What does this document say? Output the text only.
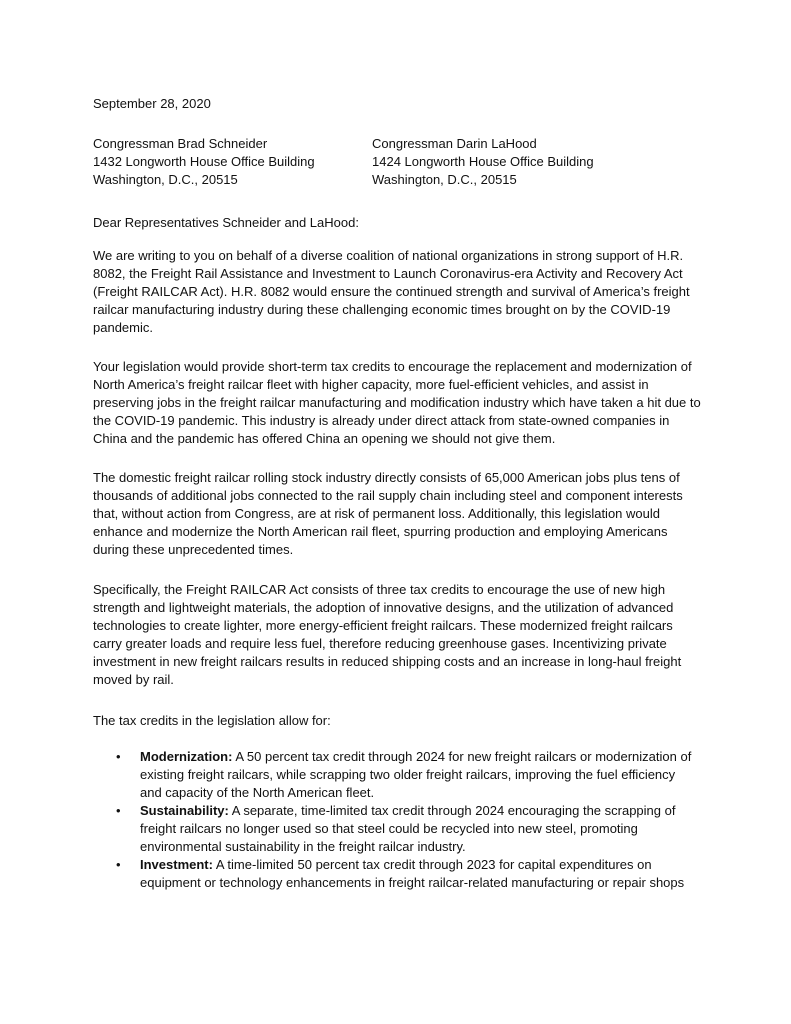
September 28, 2020

Congressman Brad Schneider
1432 Longworth House Office Building
Washington, D.C., 20515
Congressman Darin LaHood
1424 Longworth House Office Building
Washington, D.C., 20515

Dear Representatives Schneider and LaHood:

We are writing to you on behalf of a diverse coalition of national organizations in strong support of H.R. 8082, the Freight Rail Assistance and Investment to Launch Coronavirus-era Activity and Recovery Act (Freight RAILCAR Act). H.R. 8082 would ensure the continued strength and survival of America’s freight railcar manufacturing industry during these challenging economic times brought on by the COVID-19 pandemic.

Your legislation would provide short-term tax credits to encourage the replacement and modernization of North America’s freight railcar fleet with higher capacity, more fuel-efficient vehicles, and assist in preserving jobs in the freight railcar manufacturing and modification industry which have taken a hit due to the COVID-19 pandemic. This industry is already under direct attack from state-owned companies in China and the pandemic has offered China an opening we should not give them.

The domestic freight railcar rolling stock industry directly consists of 65,000 American jobs plus tens of thousands of additional jobs connected to the rail supply chain including steel and component interests that, without action from Congress, are at risk of permanent loss. Additionally, this legislation would enhance and modernize the North American rail fleet, spurring production and employing Americans during these unprecedented times.

Specifically, the Freight RAILCAR Act consists of three tax credits to encourage the use of new high strength and lightweight materials, the adoption of innovative designs, and the utilization of advanced technologies to create lighter, more energy-efficient freight railcars. These modernized freight railcars carry greater loads and require less fuel, therefore reducing greenhouse gases. Incentivizing private investment in new freight railcars results in reduced shipping costs and an increase in long-haul freight moved by rail.

The tax credits in the legislation allow for:

• Modernization: A 50 percent tax credit through 2024 for new freight railcars or modernization of existing freight railcars, while scrapping two older freight railcars, improving the fuel efficiency and capacity of the North American fleet.
• Sustainability: A separate, time-limited tax credit through 2024 encouraging the scrapping of freight railcars no longer used so that steel could be recycled into new steel, promoting environmental sustainability in the freight railcar industry.
• Investment: A time-limited 50 percent tax credit through 2023 for capital expenditures on equipment or technology enhancements in freight railcar-related manufacturing or repair shops
